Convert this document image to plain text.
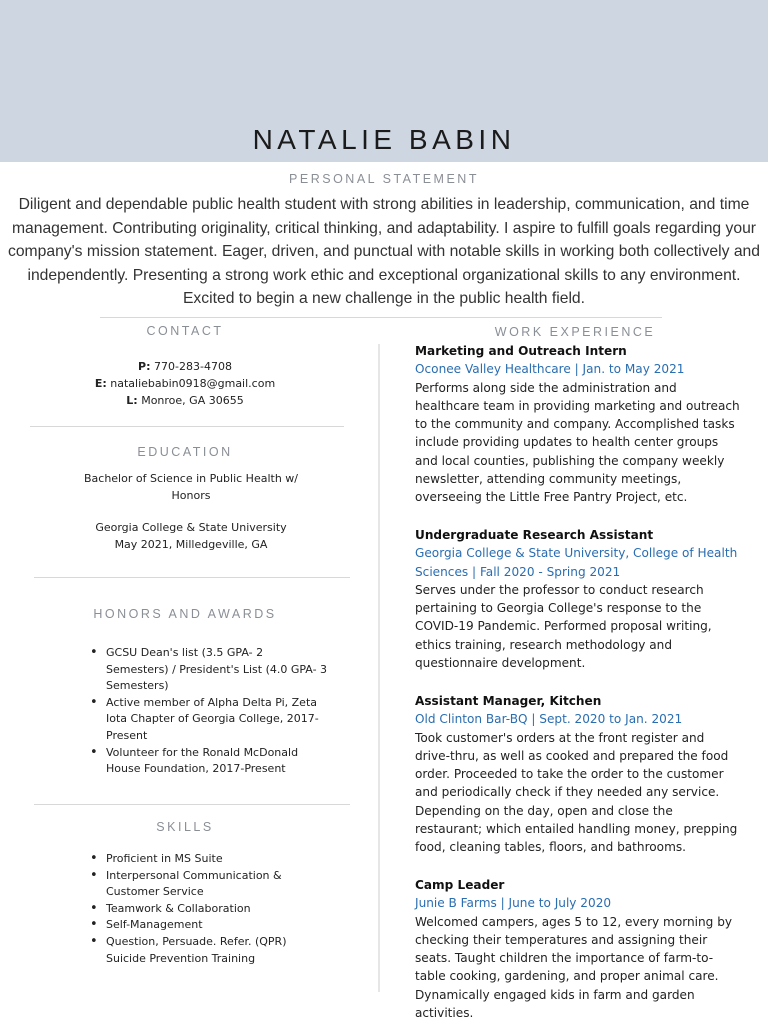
NATALIE BABIN
PERSONAL STATEMENT
Diligent and dependable public health student with strong abilities in leadership, communication, and time management. Contributing originality, critical thinking, and adaptability. I aspire to fulfill goals regarding your company's mission statement. Eager, driven, and punctual with notable skills in working both collectively and independently. Presenting a strong work ethic and exceptional organizational skills to any environment. Excited to begin a new challenge in the public health field.
CONTACT
P: 770-283-4708
E: nataliebabin0918@gmail.com
L: Monroe, GA 30655
EDUCATION

Bachelor of Science in Public Health w/ Honors

Georgia College & State University

May 2021, Milledgeville, GA

HONORS AND AWARDS
• GCSU Dean's list (3.5 GPA- 2 Semesters) / President's List (4.0 GPA- 3 Semesters)
• Active member of Alpha Delta Pi, Zeta Iota Chapter of Georgia College, 2017-Present
• Volunteer for the Ronald McDonald House Foundation, 2017-Present
SKILLS
• Proficient in MS Suite
• Interpersonal Communication & Customer Service
• Teamwork & Collaboration
• Self-Management
• Question, Persuade. Refer. (QPR) Suicide Prevention Training
WORK EXPERIENCE
Marketing and Outreach Intern
Oconee Valley Healthcare | Jan. to May 2021
Performs along side the administration and healthcare team in providing marketing and outreach to the community and company. Accomplished tasks include providing updates to health center groups and local counties, publishing the company weekly newsletter, attending community meetings, overseeing the Little Free Pantry Project, etc.
Undergraduate Research Assistant
Georgia College & State University, College of Health Sciences | Fall 2020 - Spring 2021
Serves under the professor to conduct research pertaining to Georgia College's response to the COVID-19 Pandemic. Performed proposal writing, ethics training, research methodology and questionnaire development.
Assistant Manager, Kitchen
Old Clinton Bar-BQ | Sept. 2020 to Jan. 2021
Took customer's orders at the front register and drive-thru, as well as cooked and prepared the food order. Proceeded to take the order to the customer and periodically check if they needed any service. Depending on the day, open and close the restaurant; which entailed handling money, prepping food, cleaning tables, floors, and bathrooms.
Camp Leader
Junie B Farms | June to July 2020
Welcomed campers, ages 5 to 12, every morning by checking their temperatures and assigning their seats. Taught children the importance of farm-to-table cooking, gardening, and proper animal care. Dynamically engaged kids in farm and garden activities.
